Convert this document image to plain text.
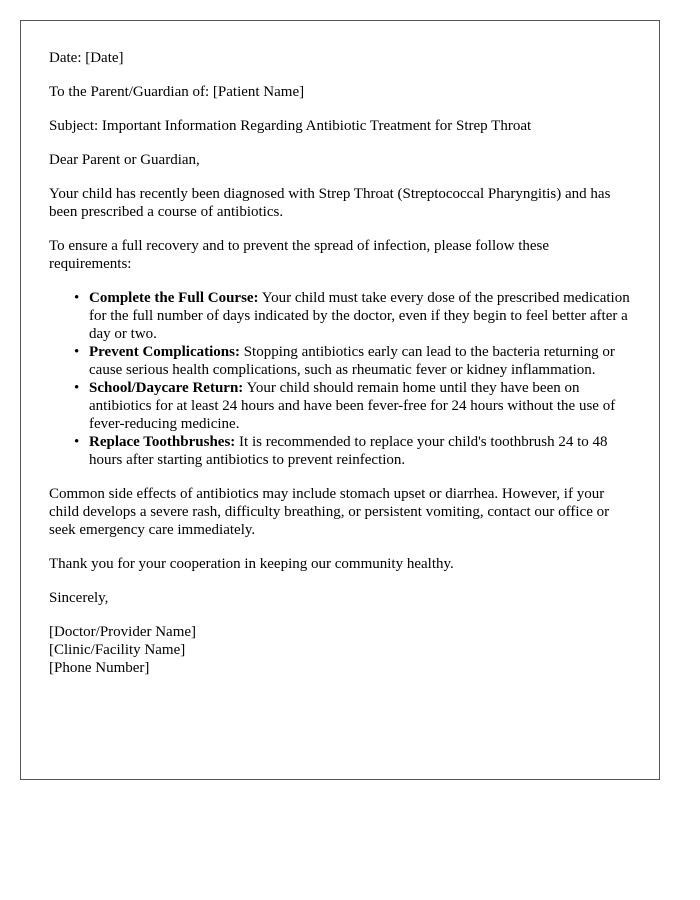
Date: [Date]

To the Parent/Guardian of: [Patient Name]

Subject: Important Information Regarding Antibiotic Treatment for Strep Throat

Dear Parent or Guardian,

Your child has recently been diagnosed with Strep Throat (Streptococcal Pharyngitis) and has been prescribed a course of antibiotics.

To ensure a full recovery and to prevent the spread of infection, please follow these requirements:

• Complete the Full Course: Your child must take every dose of the prescribed medication for the full number of days indicated by the doctor, even if they begin to feel better after a day or two.
• Prevent Complications: Stopping antibiotics early can lead to the bacteria returning or cause serious health complications, such as rheumatic fever or kidney inflammation.
• School/Daycare Return: Your child should remain home until they have been on antibiotics for at least 24 hours and have been fever-free for 24 hours without the use of fever-reducing medicine.
• Replace Toothbrushes: It is recommended to replace your child's toothbrush 24 to 48 hours after starting antibiotics to prevent reinfection.

Common side effects of antibiotics may include stomach upset or diarrhea. However, if your child develops a severe rash, difficulty breathing, or persistent vomiting, contact our office or seek emergency care immediately.

Thank you for your cooperation in keeping our community healthy.

Sincerely,

[Doctor/Provider Name]
[Clinic/Facility Name]
[Phone Number]
